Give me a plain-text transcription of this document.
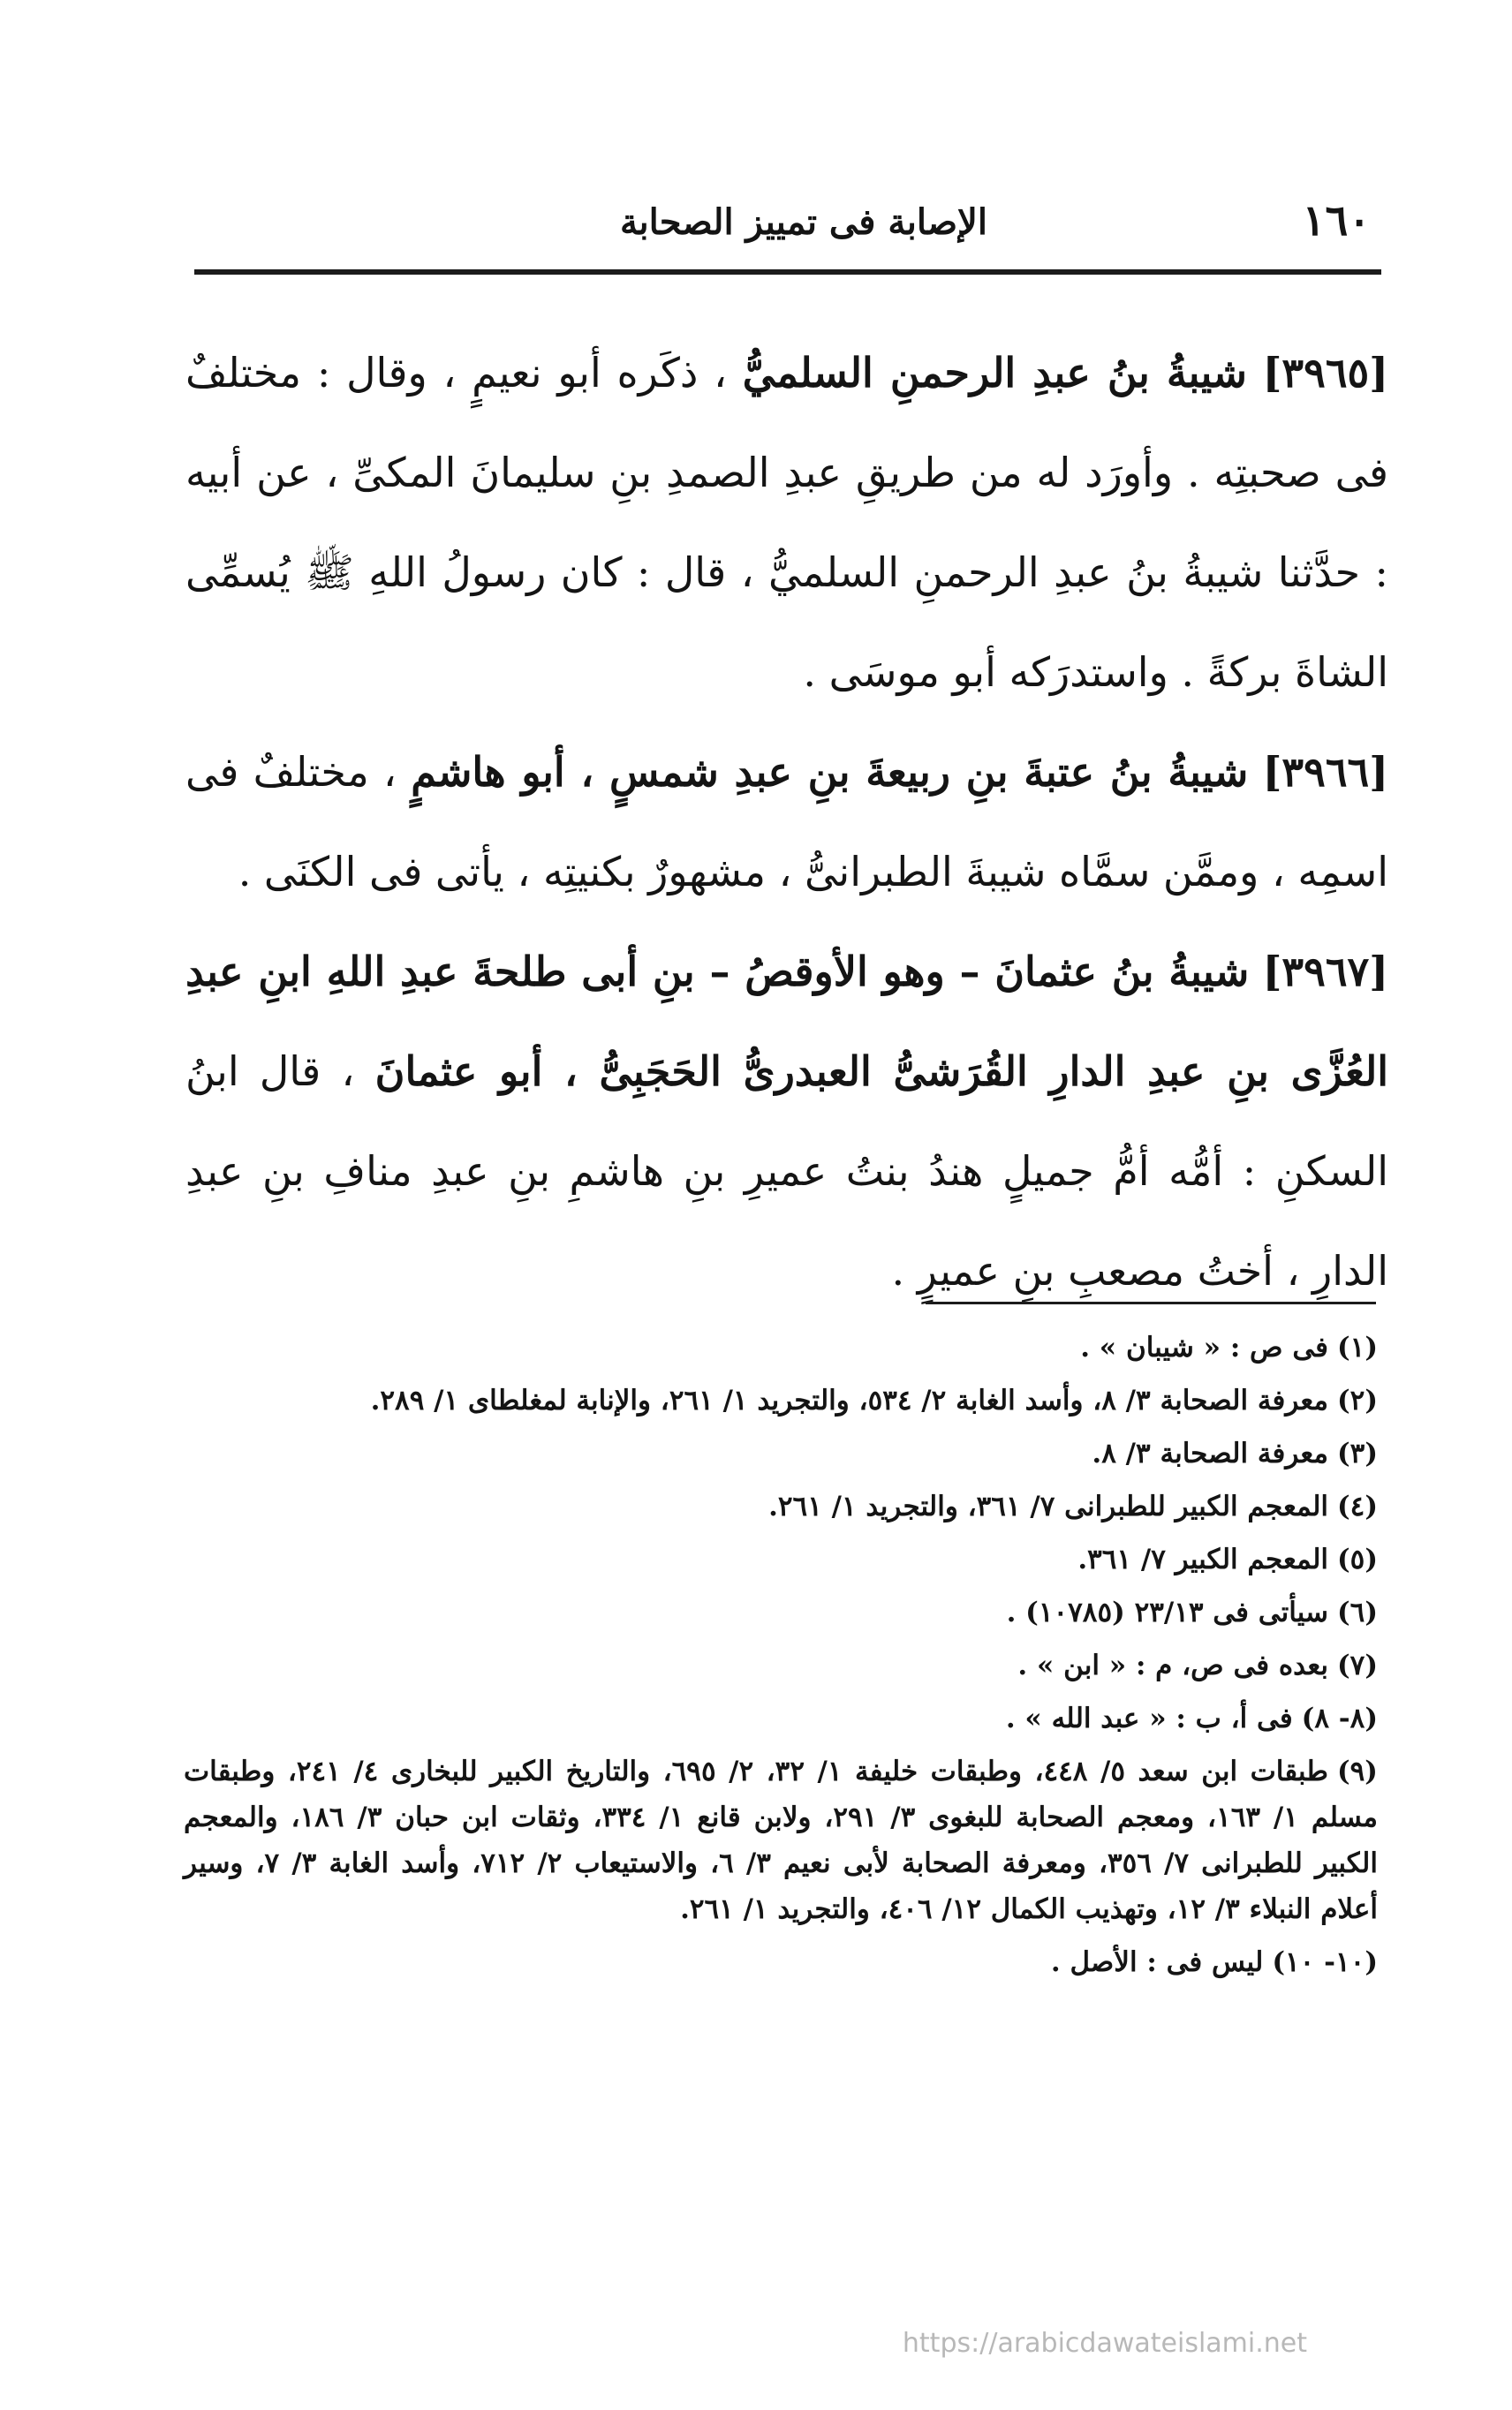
١٦٠
الإصابة فى تمييز الصحابة

[٣٩٦٥] شيبةُ بنُ عبدِ الرحمنِ السلميُّ ، ذكَره أبو نعيمٍ ، وقال : مختلفٌ فى صحبتِه . وأورَد له من طريقِ عبدِ الصمدِ بنِ سليمانَ المكىِّ ، عن أبيه : حدَّثنا شيبةُ بنُ عبدِ الرحمنِ السلميُّ ، قال : كان رسولُ اللهِ ﷺ يُسمِّى الشاةَ بركةً . واستدرَكه أبو موسَى .

[٣٩٦٦] شيبةُ بنُ عتبةَ بنِ ربيعةَ بنِ عبدِ شمسٍ ، أبو هاشمٍ ، مختلفٌ فى اسمِه ، وممَّن سمَّاه شيبةَ الطبرانىُّ ، مشهورٌ بكنيتِه ، يأتى فى الكنَى .

[٣٩٦٧] شيبةُ بنُ عثمانَ – وهو الأوقصُ – بنِ أبى طلحةَ عبدِ اللهِ ابنِ عبدِ العُزَّى بنِ عبدِ الدارِ القُرَشىُّ العبدرىُّ الحَجَبِىُّ ، أبو عثمانَ ، قال ابنُ السكنِ : أمُّه أمُّ جميلٍ هندُ بنتُ عميرِ بنِ هاشمِ بنِ عبدِ منافِ بنِ عبدِ الدارِ ، أختُ مصعبِ بنِ عميرٍ .

(١)فى ص : « شيبان » .

(٢)معرفة الصحابة ٣/ ٨، وأسد الغابة ٢/ ٥٣٤، والتجريد ١/ ٢٦١، والإنابة لمغلطاى ١/ ٢٨٩.

(٣)معرفة الصحابة ٣/ ٨.

(٤)المعجم الكبير للطبرانى ٧/ ٣٦١، والتجريد ١/ ٢٦١.

(٥)المعجم الكبير ٧/ ٣٦١.

(٦)سيأتى فى ٢٣/١٣ (١٠٧٨٥) .

(٧)بعده فى ص، م : « ابن » .

(٨- ٨)فى أ، ب : « عبد الله » .

(٩)طبقات ابن سعد ٥/ ٤٤٨، وطبقات خليفة ١/ ٣٢، ٢/ ٦٩٥، والتاريخ الكبير للبخارى ٤/ ٢٤١، وطبقات مسلم ١/ ١٦٣، ومعجم الصحابة للبغوى ٣/ ٢٩١، ولابن قانع ١/ ٣٣٤، وثقات ابن حبان ٣/ ١٨٦، والمعجم الكبير للطبرانى ٧/ ٣٥٦، ومعرفة الصحابة لأبى نعيم ٣/ ٦، والاستيعاب ٢/ ٧١٢، وأسد الغابة ٣/ ٧، وسير أعلام النبلاء ٣/ ١٢، وتهذيب الكمال ١٢/ ٤٠٦، والتجريد ١/ ٢٦١.

(١٠- ١٠)ليس فى : الأصل .

https://arabicdawateislami.net
